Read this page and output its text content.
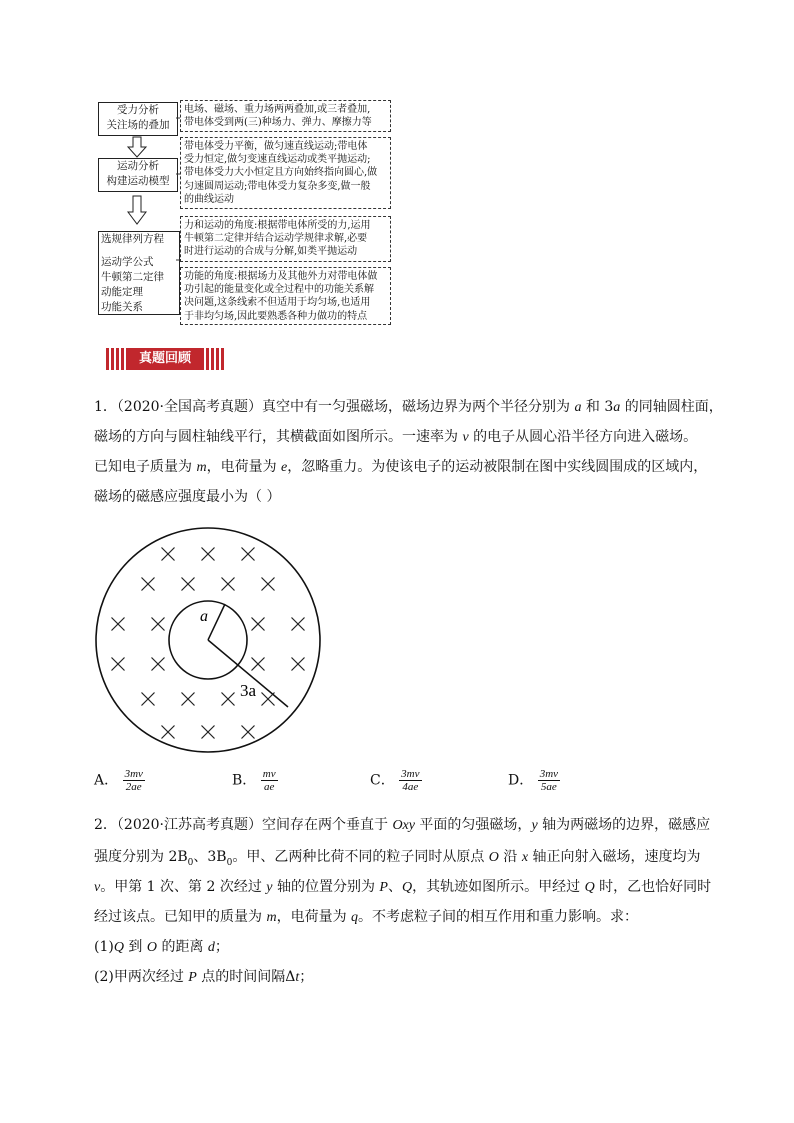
受力分析
关注场的叠加
运动分析
构建运动模型
选规律列方程
运动学公式
牛顿第二定律
动能定理
功能关系
电场、磁场、重力场两两叠加,或三者叠加,
带电体受到两(三)种场力、弹力、摩擦力等
带电体受力平衡，做匀速直线运动;带电体
受力恒定,做匀变速直线运动或类平抛运动;
带电体受力大小恒定且方向始终指向圆心,做
匀速圆周运动;带电体受力复杂多变,做一般
的曲线运动
力和运动的角度:根据带电体所受的力,运用
牛顿第二定律并结合运动学规律求解,必要
时进行运动的合成与分解,如类平抛运动
功能的角度:根据场力及其他外力对带电体做
功引起的能量变化或全过程中的功能关系解
决问题,这条线索不但适用于均匀场,也适用
于非均匀场,因此要熟悉各种力做功的特点
真题回顾
1．（2020·全国高考真题）真空中有一匀强磁场，磁场边界为两个半径分别为 a 和 3a 的同轴圆柱面，
磁场的方向与圆柱轴线平行，其横截面如图所示。一速率为 v 的电子从圆心沿半径方向进入磁场。
已知电子质量为 m，电荷量为 e，忽略重力。为使该电子的运动被限制在图中实线圆围成的区域内，
磁场的磁感应强度最小为（ ）
a
3a
A． $\frac{3mv}{2ae}$	B． $\frac{mv}{ae}$	C． $\frac{3mv}{4ae}$	D． $\frac{3mv}{5ae}$
2．（2020·江苏高考真题）空间存在两个垂直于 Oxy 平面的匀强磁场，y 轴为两磁场的边界，磁感应
强度分别为 $2B_0$、$3B_0$。甲、乙两种比荷不同的粒子同时从原点 O 沿 x 轴正向射入磁场，速度均为
v。甲第 1 次、第 2 次经过 y 轴的位置分别为 P、Q，其轨迹如图所示。甲经过 Q 时，乙也恰好同时
经过该点。已知甲的质量为 m，电荷量为 q。不考虑粒子间的相互作用和重力影响。求：
(1)Q 到 O 的距离 d；
(2)甲两次经过 P 点的时间间隔Δt；
